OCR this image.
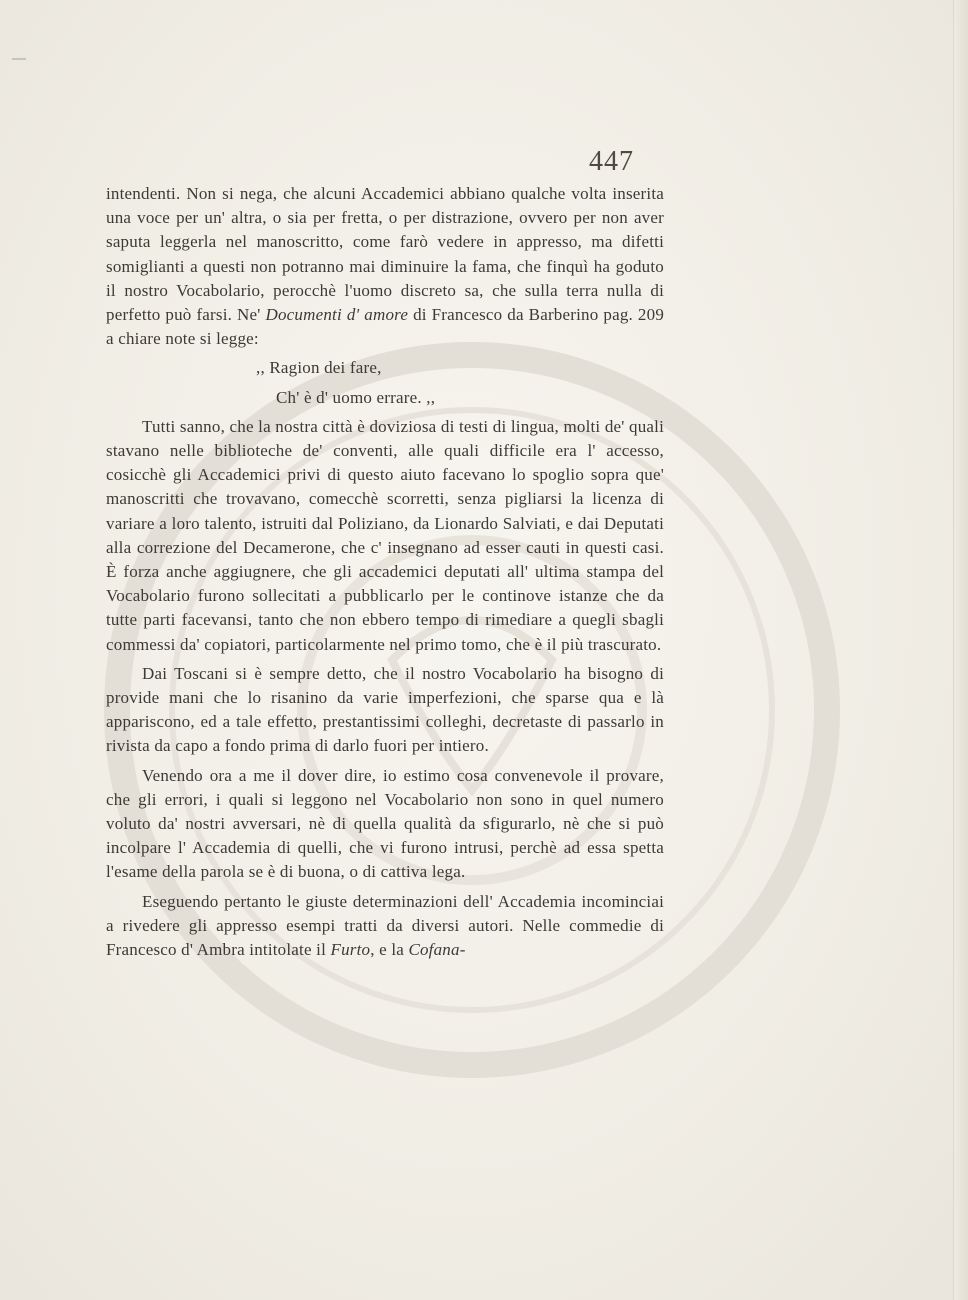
447

intendenti. Non si nega, che alcuni Accademici abbiano qualche volta inserita una voce per un' altra, o sia per fretta, o per distrazione, ovvero per non aver saputa leggerla nel manoscritto, come farò vedere in appresso, ma difetti somiglianti a questi non potranno mai diminuire la fama, che finquì ha goduto il nostro Vocabolario, perocchè l'uomo discreto sa, che sulla terra nulla di perfetto può farsi. Ne' Documenti d' amore di Francesco da Barberino pag. 209 a chiare note si legge:

,, Ragion dei fare,

Ch' è d' uomo errare. ,,

Tutti sanno, che la nostra città è doviziosa di testi di lingua, molti de' quali stavano nelle biblioteche de' conventi, alle quali difficile era l' accesso, cosicchè gli Accademici privi di questo aiuto facevano lo spoglio sopra que' manoscritti che trovavano, comecchè scorretti, senza pigliarsi la licenza di variare a loro talento, istruiti dal Poliziano, da Lionardo Salviati, e dai Deputati alla correzione del Decamerone, che c' insegnano ad esser cauti in questi casi. È forza anche aggiugnere, che gli accademici deputati all' ultima stampa del Vocabolario furono sollecitati a pubblicarlo per le continove istanze che da tutte parti facevansi, tanto che non ebbero tempo di rimediare a quegli sbagli commessi da' copiatori, particolarmente nel primo tomo, che è il più trascurato.

Dai Toscani si è sempre detto, che il nostro Vocabolario ha bisogno di provide mani che lo risanino da varie imperfezioni, che sparse qua e là appariscono, ed a tale effetto, prestantissimi colleghi, decretaste di passarlo in rivista da capo a fondo prima di darlo fuori per intiero.

Venendo ora a me il dover dire, io estimo cosa convenevole il provare, che gli errori, i quali si leggono nel Vocabolario non sono in quel numero voluto da' nostri avversari, nè di quella qualità da sfigurarlo, nè che si può incolpare l' Accademia di quelli, che vi furono intrusi, perchè ad essa spetta l'esame della parola se è di buona, o di cattiva lega.

Eseguendo pertanto le giuste determinazioni dell' Accademia incominciai a rivedere gli appresso esempi tratti da diversi autori. Nelle commedie di Francesco d' Ambra intitolate il Furto, e la Cofana-
